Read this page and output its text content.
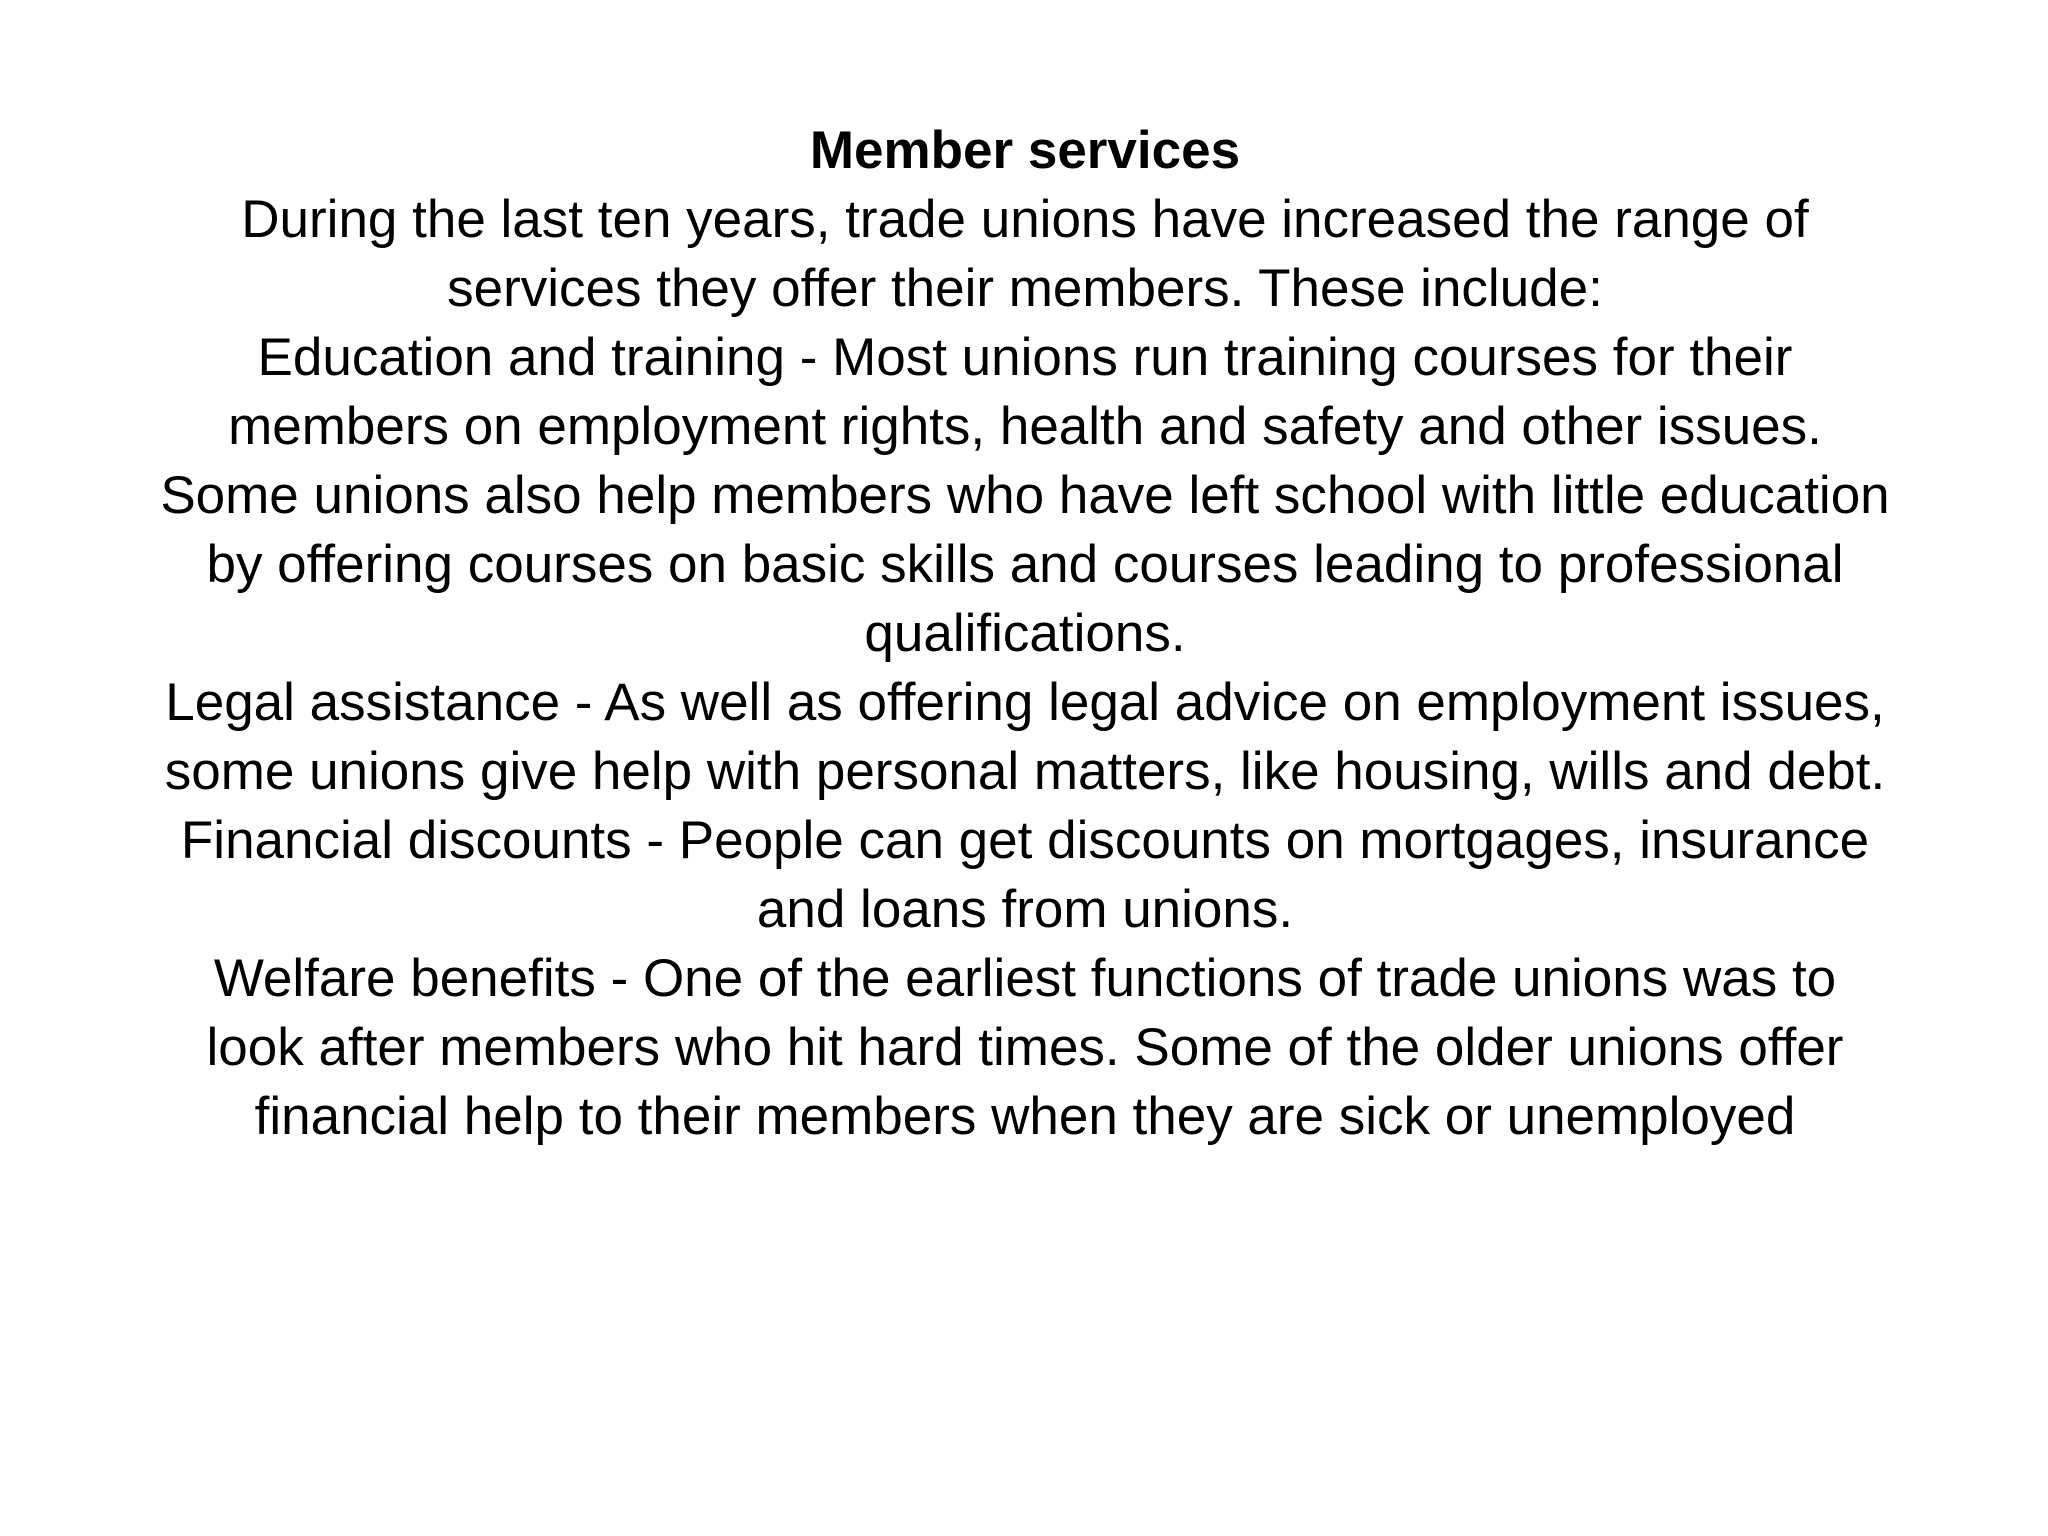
Member services
During the last ten years, trade unions have increased the range of services they offer their members. These include:
Education and training - Most unions run training courses for their members on employment rights, health and safety and other issues. Some unions also help members who have left school with little education by offering courses on basic skills and courses leading to professional qualifications.
Legal assistance - As well as offering legal advice on employment issues, some unions give help with personal matters, like housing, wills and debt.
Financial discounts - People can get discounts on mortgages, insurance and loans from unions.
Welfare benefits - One of the earliest functions of trade unions was to look after members who hit hard times. Some of the older unions offer financial help to their members when they are sick or unemployed
